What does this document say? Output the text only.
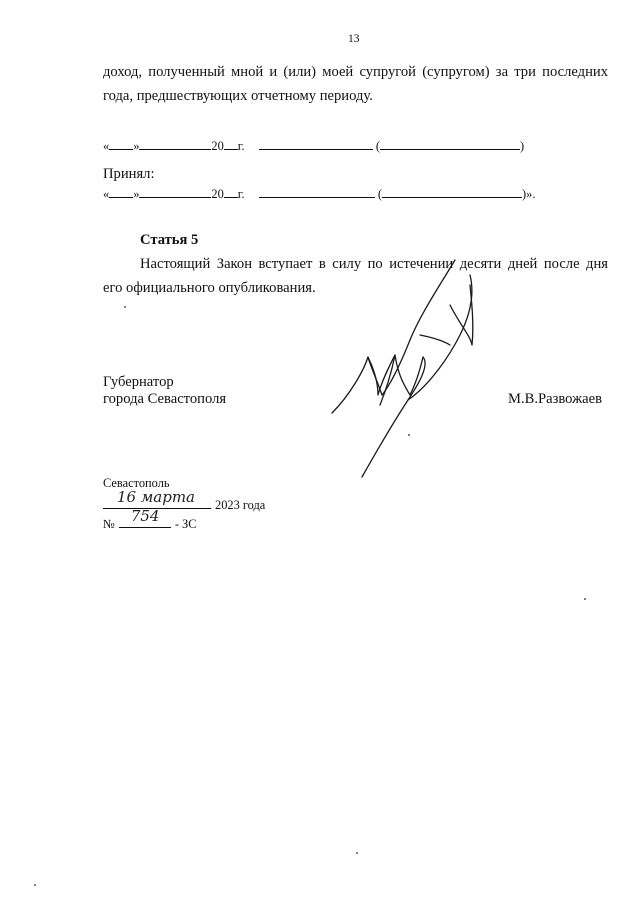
13
доход, полученный мной и (или) моей супругой (супругом) за три последних
года, предшествующих отчетному периоду.
« »	20 г.	(	)
Принял:
« »	20 г.	(	)».
Статья 5
Настоящий Закон вступает в силу по истечении десяти дней после дня
его официального опубликования.
Губернатор
города Севастополя	М.В.Развожаев
Севастополь
16 марта 2023 года
№ 754 - ЗС
